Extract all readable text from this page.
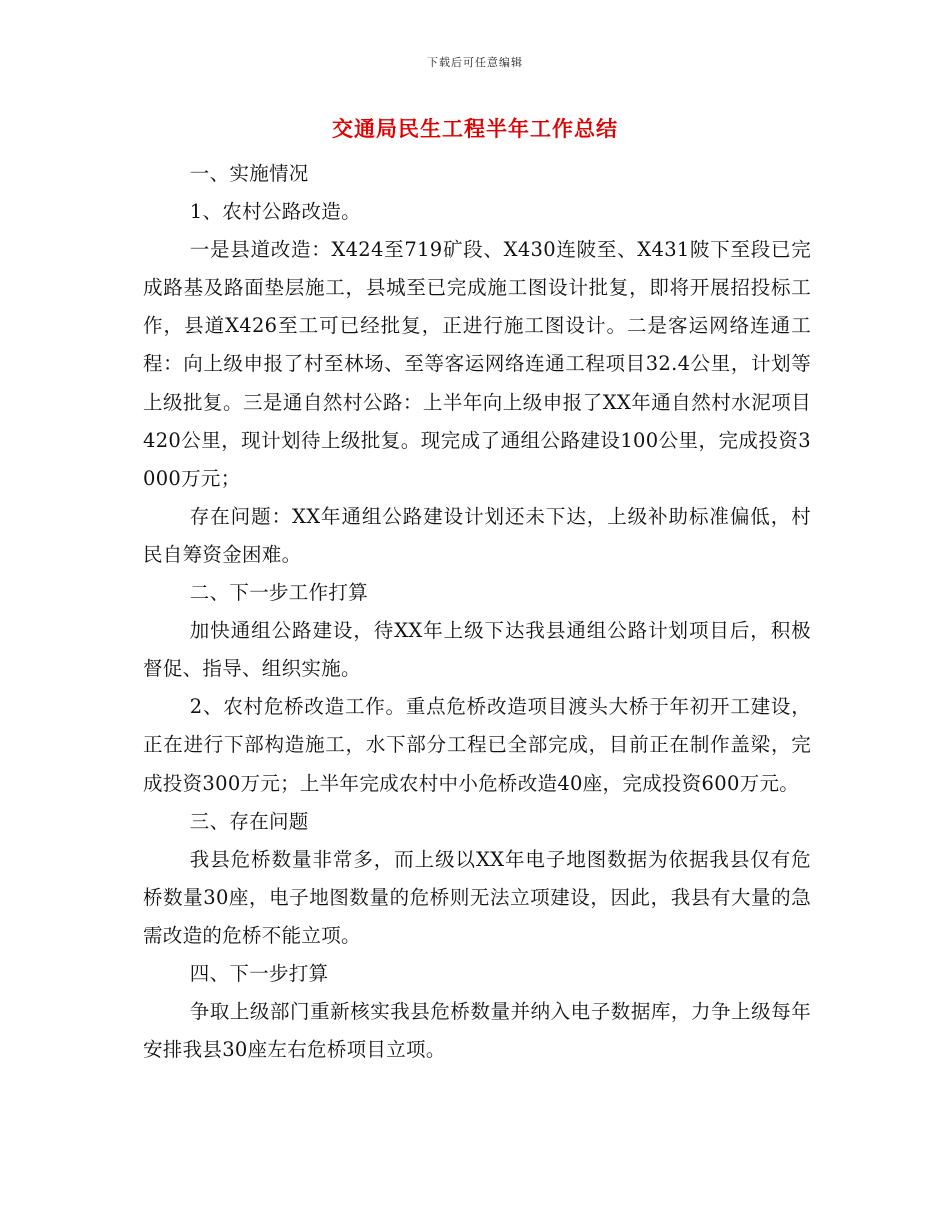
下载后可任意编辑
交通局民生工程半年工作总结

一、实施情况

1、农村公路改造。

一是县道改造：X424至719矿段、X430连陂至、X431陂下至段已完成路基及路面垫层施工，县城至已完成施工图设计批复，即将开展招投标工作，县道X426至工可已经批复，正进行施工图设计。二是客运网络连通工程：向上级申报了村至林场、至等客运网络连通工程项目32.4公里，计划等上级批复。三是通自然村公路：上半年向上级申报了XX年通自然村水泥项目420公里，现计划待上级批复。现完成了通组公路建设100公里，完成投资3000万元；

存在问题：XX年通组公路建设计划还未下达，上级补助标准偏低，村民自筹资金困难。

二、下一步工作打算

加快通组公路建设，待XX年上级下达我县通组公路计划项目后，积极督促、指导、组织实施。

2、农村危桥改造工作。重点危桥改造项目渡头大桥于年初开工建设，正在进行下部构造施工，水下部分工程已全部完成，目前正在制作盖梁，完成投资300万元；上半年完成农村中小危桥改造40座，完成投资600万元。

三、存在问题

我县危桥数量非常多，而上级以XX年电子地图数据为依据我县仅有危桥数量30座，电子地图数量的危桥则无法立项建设，因此，我县有大量的急需改造的危桥不能立项。

四、下一步打算

争取上级部门重新核实我县危桥数量并纳入电子数据库，力争上级每年安排我县30座左右危桥项目立项。
